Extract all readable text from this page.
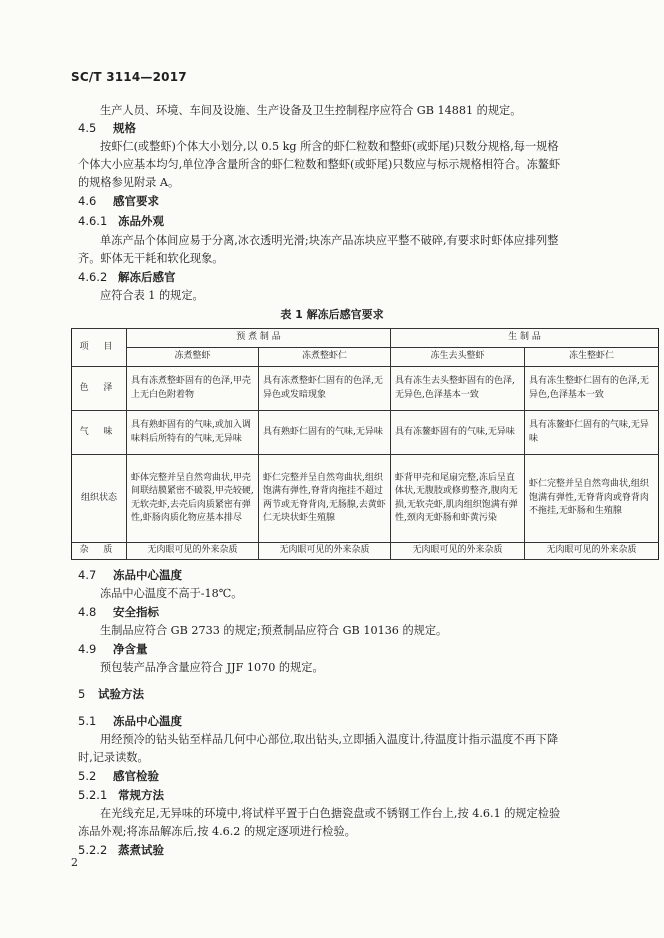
SC/T 3114—2017
生产人员、环境、车间及设施、生产设备及卫生控制程序应符合 GB 14881 的规定。
4.5 规格
按虾仁(或整虾)个体大小划分,以 0.5 kg 所含的虾仁粒数和整虾(或虾尾)只数分规格,每一规格
个体大小应基本均匀,单位净含量所含的虾仁粒数和整虾(或虾尾)只数应与标示规格相符合。冻鳌虾
的规格参见附录 A。
4.6 感官要求
4.6.1 冻品外观
单冻产品个体间应易于分离,冰衣透明光滑;块冻产品冻块应平整不破碎,有要求时虾体应排列整
齐。虾体无干耗和软化现象。
4.6.2 解冻后感官
应符合表 1 的规定。
表 1 解冻后感官要求
项 目	预 煮 制 品		生 制 品	
	冻煮整虾	冻煮整虾仁	冻生去头整虾	冻生整虾仁
色 泽	具有冻煮整虾固有的色泽,甲壳上无白色附着物	具有冻煮整虾仁固有的色泽,无异色或发暗现象	具有冻生去头整虾固有的色泽,无异色,色泽基本一致	具有冻生整虾仁固有的色泽,无异色,色泽基本一致
气 味	具有熟虾固有的气味,或加入调味料后所特有的气味,无异味	具有熟虾仁固有的气味,无异味	具有冻鳌虾固有的气味,无异味	具有冻鳌虾仁固有的气味,无异味
组织状态	虾体完整并呈自然弯曲状,甲壳间联结膜紧密不破裂,甲壳较硬,无软壳虾,去壳后肉质紧密有弹性,虾肠肉质化物应基本排尽	虾仁完整并呈自然弯曲状,组织饱满有弹性,脊背肉拖挂不超过两节或无脊背肉,无肠腺,去黄虾仁无块状虾生殖腺	虾背甲壳和尾扇完整,冻后呈直体状,无腹肢或修剪整齐,腹肉无损,无软壳虾,肌肉组织饱满有弹性,颈肉无虾肠和虾黄污染	虾仁完整并呈自然弯曲状,组织饱满有弹性,无脊背肉或脊背肉不拖挂,无虾肠和生殖腺
杂 质	无肉眼可见的外来杂质	无肉眼可见的外来杂质	无肉眼可见的外来杂质	无肉眼可见的外来杂质
4.7 冻品中心温度
冻品中心温度不高于-18℃。
4.8 安全指标
生制品应符合 GB 2733 的规定;预煮制品应符合 GB 10136 的规定。
4.9 净含量
预包装产品净含量应符合 JJF 1070 的规定。
5 试验方法
5.1 冻品中心温度
用经预冷的钻头钻至样品几何中心部位,取出钻头,立即插入温度计,待温度计指示温度不再下降
时,记录读数。
5.2 感官检验
5.2.1 常规方法
在光线充足,无异味的环境中,将试样平置于白色搪瓷盘或不锈钢工作台上,按 4.6.1 的规定检验
冻品外观;将冻品解冻后,按 4.6.2 的规定逐项进行检验。
5.2.2 蒸煮试验
2
